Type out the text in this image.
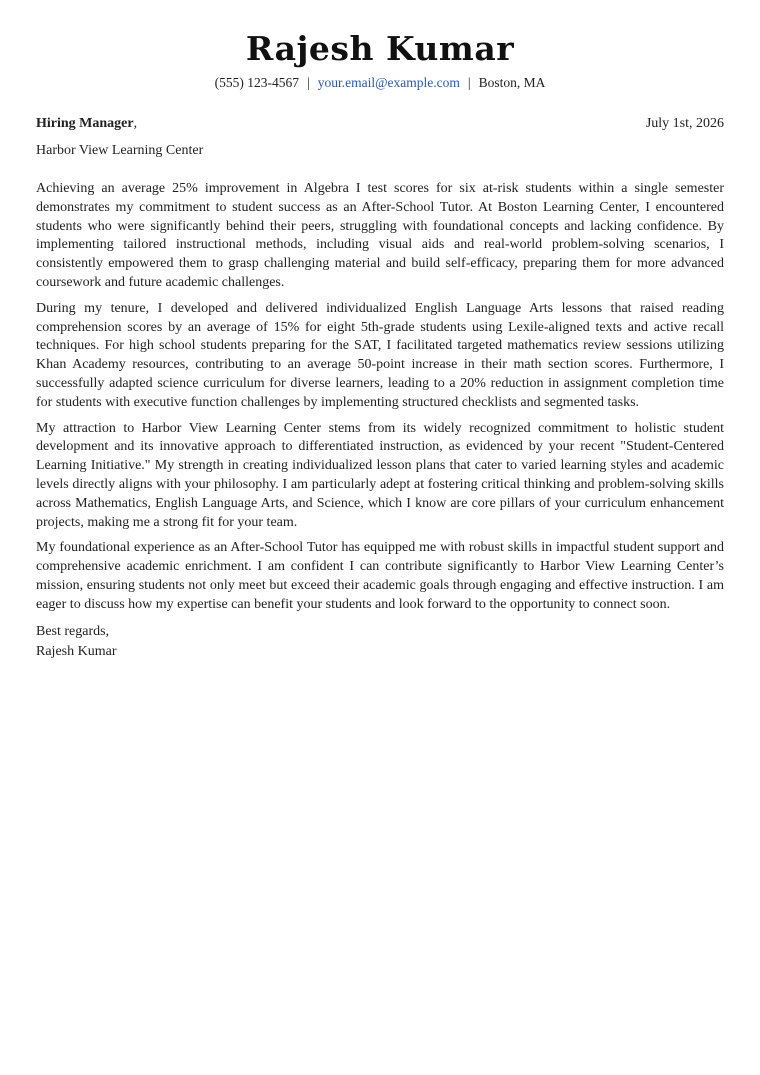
Rajesh Kumar
(555) 123-4567 | your.email@example.com | Boston, MA
Hiring Manager,	July 1st, 2026
Harbor View Learning Center

Achieving an average 25% improvement in Algebra I test scores for six at-risk students within a single semester demonstrates my commitment to student success as an After-School Tutor. At Boston Learning Center, I encountered students who were significantly behind their peers, struggling with foundational concepts and lacking confidence. By implementing tailored instructional methods, including visual aids and real-world problem-solving scenarios, I consistently empowered them to grasp challenging material and build self-efficacy, preparing them for more advanced coursework and future academic challenges.

During my tenure, I developed and delivered individualized English Language Arts lessons that raised reading comprehension scores by an average of 15% for eight 5th-grade students using Lexile-aligned texts and active recall techniques. For high school students preparing for the SAT, I facilitated targeted mathematics review sessions utilizing Khan Academy resources, contributing to an average 50-point increase in their math section scores. Furthermore, I successfully adapted science curriculum for diverse learners, leading to a 20% reduction in assignment completion time for students with executive function challenges by implementing structured checklists and segmented tasks.

My attraction to Harbor View Learning Center stems from its widely recognized commitment to holistic student development and its innovative approach to differentiated instruction, as evidenced by your recent "Student-Centered Learning Initiative." My strength in creating individualized lesson plans that cater to varied learning styles and academic levels directly aligns with your philosophy. I am particularly adept at fostering critical thinking and problem-solving skills across Mathematics, English Language Arts, and Science, which I know are core pillars of your curriculum enhancement projects, making me a strong fit for your team.

My foundational experience as an After-School Tutor has equipped me with robust skills in impactful student support and comprehensive academic enrichment. I am confident I can contribute significantly to Harbor View Learning Center’s mission, ensuring students not only meet but exceed their academic goals through engaging and effective instruction. I am eager to discuss how my expertise can benefit your students and look forward to the opportunity to connect soon.

Best regards,
Rajesh Kumar
